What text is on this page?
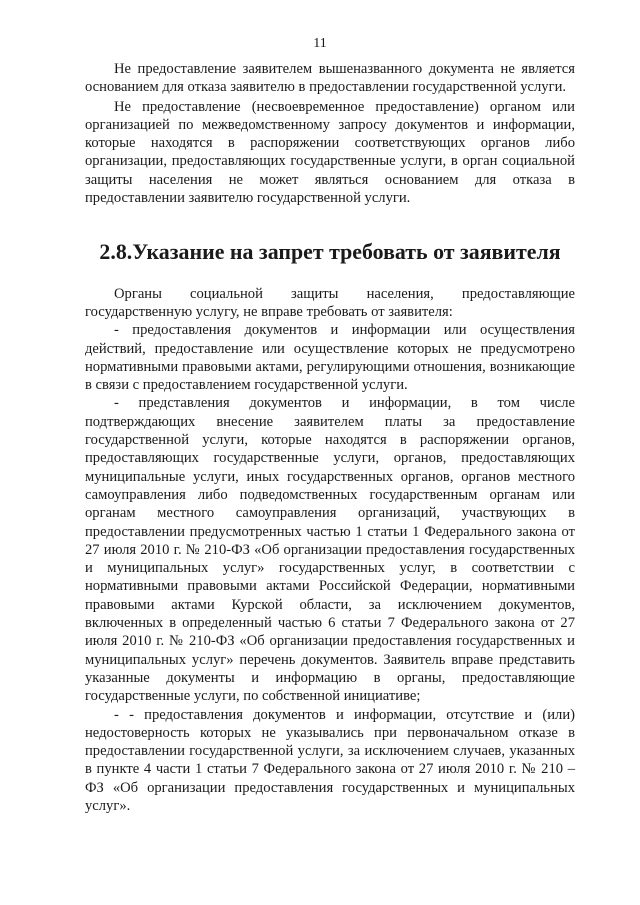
11

Не предоставление заявителем вышеназванного документа не является основанием для отказа заявителю в предоставлении государственной услуги.

Не предоставление (несвоевременное предоставление) органом или организацией по межведомственному запросу документов и информации, которые находятся в распоряжении соответствующих органов либо организации, предоставляющих государственные услуги, в орган социальной защиты населения не может являться основанием для отказа в предоставлении заявителю государственной услуги.

2.8.Указание на запрет требовать от заявителя

Органы социальной защиты населения, предоставляющие государственную услугу, не вправе требовать от заявителя:

- предоставления документов и информации или осуществления действий, предоставление или осуществление которых не предусмотрено нормативными правовыми актами, регулирующими отношения, возникающие в связи с предоставлением государственной услуги.

- представления документов и информации, в том числе подтверждающих внесение заявителем платы за предоставление государственной услуги, которые находятся в распоряжении органов, предоставляющих государственные услуги, органов, предоставляющих муниципальные услуги, иных государственных органов, органов местного самоуправления либо подведомственных государственным органам или органам местного самоуправления организаций, участвующих в предоставлении предусмотренных частью 1 статьи 1 Федерального закона от 27 июля 2010 г. № 210-ФЗ «Об организации предоставления государственных и муниципальных услуг» государственных услуг, в соответствии с нормативными правовыми актами Российской Федерации, нормативными правовыми актами Курской области, за исключением документов, включенных в определенный частью 6 статьи 7 Федерального закона от 27 июля 2010 г. № 210-ФЗ «Об организации предоставления государственных и муниципальных услуг» перечень документов. Заявитель вправе представить указанные документы и информацию в органы, предоставляющие государственные услуги, по собственной инициативе;

- - предоставления документов и информации, отсутствие и (или) недостоверность которых не указывались при первоначальном отказе в предоставлении государственной услуги, за исключением случаев, указанных в пункте 4 части 1 статьи 7 Федерального закона от 27 июля 2010 г. № 210 – ФЗ «Об организации предоставления государственных и муниципальных услуг».
